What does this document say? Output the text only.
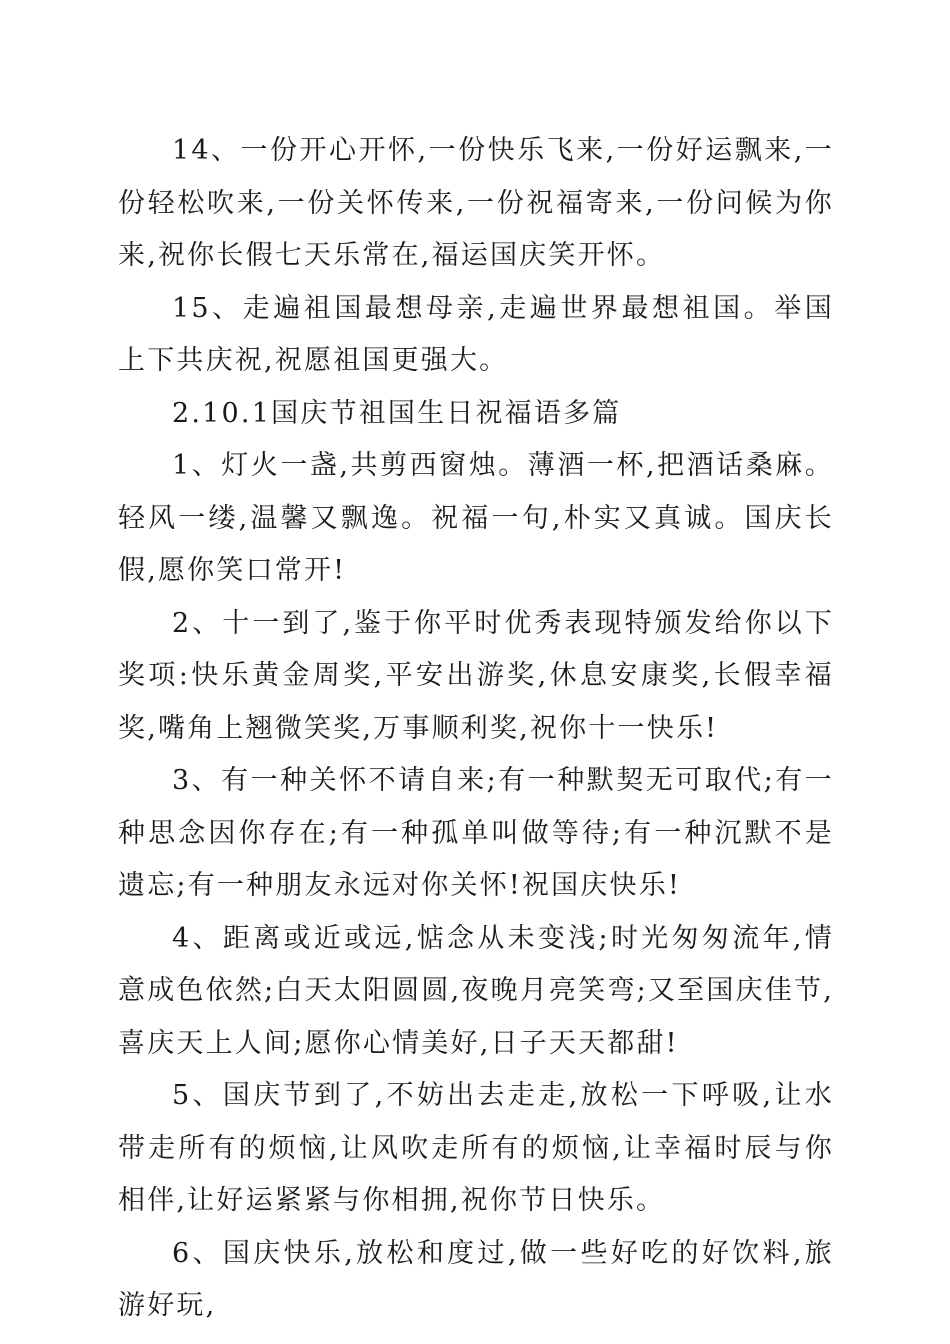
14、一份开心开怀,一份快乐飞来,一份好运飘来,一份轻松吹来,一份关怀传来,一份祝福寄来,一份问候为你来,祝你长假七天乐常在,福运国庆笑开怀。

15、走遍祖国最想母亲,走遍世界最想祖国。举国上下共庆祝,祝愿祖国更强大。

2.10.1国庆节祖国生日祝福语多篇

1、灯火一盏,共剪西窗烛。薄酒一杯,把酒话桑麻。轻风一缕,温馨又飘逸。祝福一句,朴实又真诚。国庆长假,愿你笑口常开!

2、十一到了,鉴于你平时优秀表现特颁发给你以下奖项:快乐黄金周奖,平安出游奖,休息安康奖,长假幸福奖,嘴角上翘微笑奖,万事顺利奖,祝你十一快乐!

3、有一种关怀不请自来;有一种默契无可取代;有一种思念因你存在;有一种孤单叫做等待;有一种沉默不是遗忘;有一种朋友永远对你关怀!祝国庆快乐!

4、距离或近或远,惦念从未变浅;时光匆匆流年,情意成色依然;白天太阳圆圆,夜晚月亮笑弯;又至国庆佳节,喜庆天上人间;愿你心情美好,日子天天都甜!

5、国庆节到了,不妨出去走走,放松一下呼吸,让水带走所有的烦恼,让风吹走所有的烦恼,让幸福时辰与你相伴,让好运紧紧与你相拥,祝你节日快乐。

6、国庆快乐,放松和度过,做一些好吃的好饮料,旅游好玩,
